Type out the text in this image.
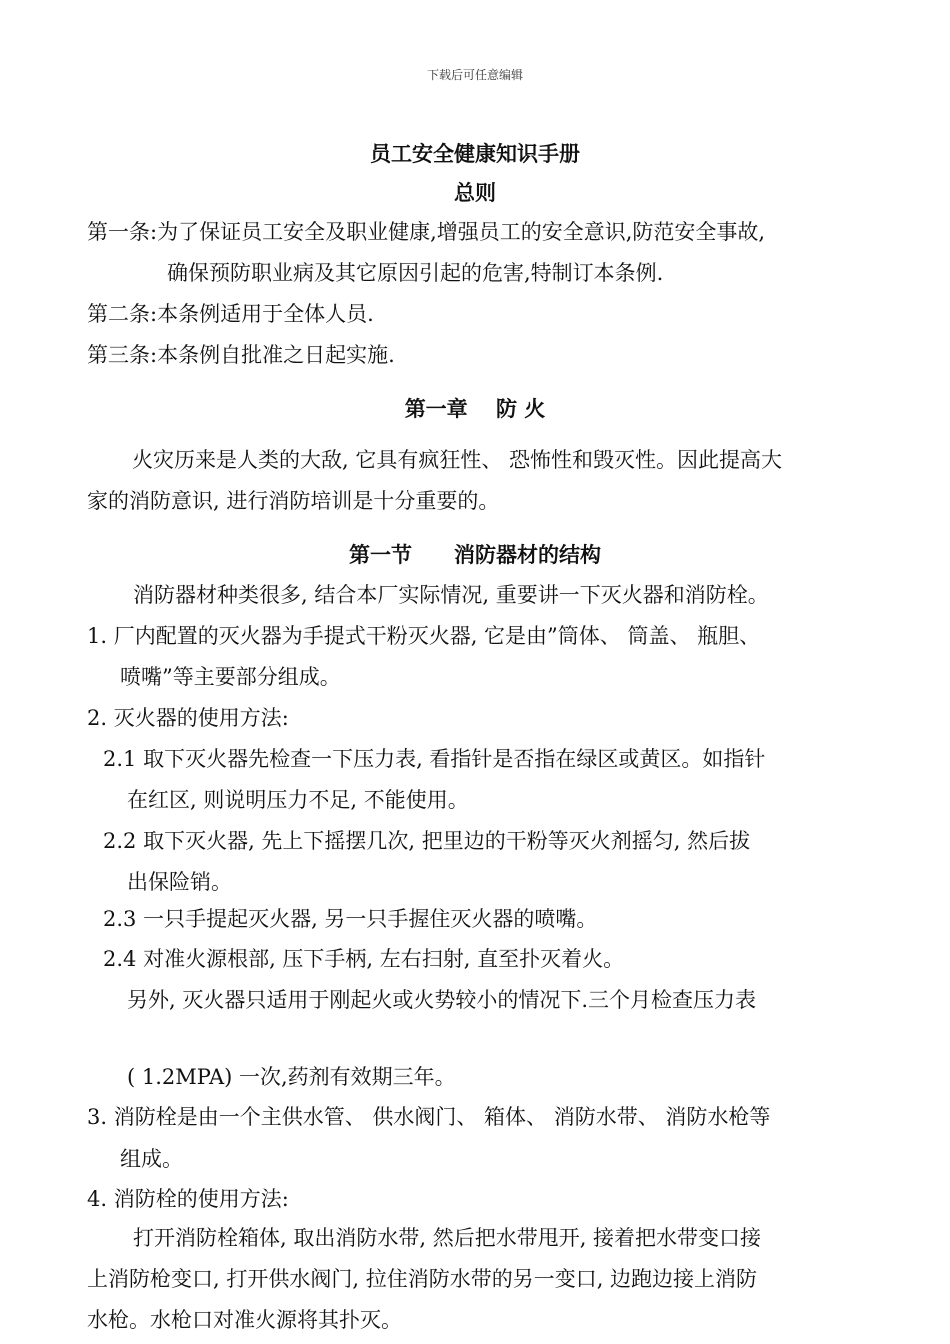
下载后可任意编辑
员工安全健康知识手册
总则
第一条:为了保证员工安全及职业健康,增强员工的安全意识,防范安全事故,
确保预防职业病及其它原因引起的危害,特制订本条例.
第二条:本条例适用于全体人员.
第三条:本条例自批准之日起实施.
第一章　 防 火
火灾历来是人类的大敌, 它具有疯狂性、 恐怖性和毁灭性。因此提高大
家的消防意识, 进行消防培训是十分重要的。
第一节　　消防器材的结构
消防器材种类很多, 结合本厂实际情况, 重要讲一下灭火器和消防栓。
1. 厂内配置的灭火器为手提式干粉灭火器, 它是由”筒体、 筒盖、 瓶胆、
喷嘴”等主要部分组成。
2. 灭火器的使用方法:
2.1 取下灭火器先检查一下压力表, 看指针是否指在绿区或黄区。如指针
在红区, 则说明压力不足, 不能使用。
2.2 取下灭火器, 先上下摇摆几次, 把里边的干粉等灭火剂摇匀, 然后拔
出保险销。
2.3 一只手提起灭火器, 另一只手握住灭火器的喷嘴。
2.4 对准火源根部, 压下手柄, 左右扫射, 直至扑灭着火。
另外, 灭火器只适用于刚起火或火势较小的情况下.三个月检查压力表
( 1.2MPA) 一次,药剂有效期三年。
3. 消防栓是由一个主供水管、 供水阀门、 箱体、 消防水带、 消防水枪等
组成。
4. 消防栓的使用方法:
打开消防栓箱体, 取出消防水带, 然后把水带甩开, 接着把水带变口接
上消防枪变口, 打开供水阀门, 拉住消防水带的另一变口, 边跑边接上消防
水枪。水枪口对准火源将其扑灭。
